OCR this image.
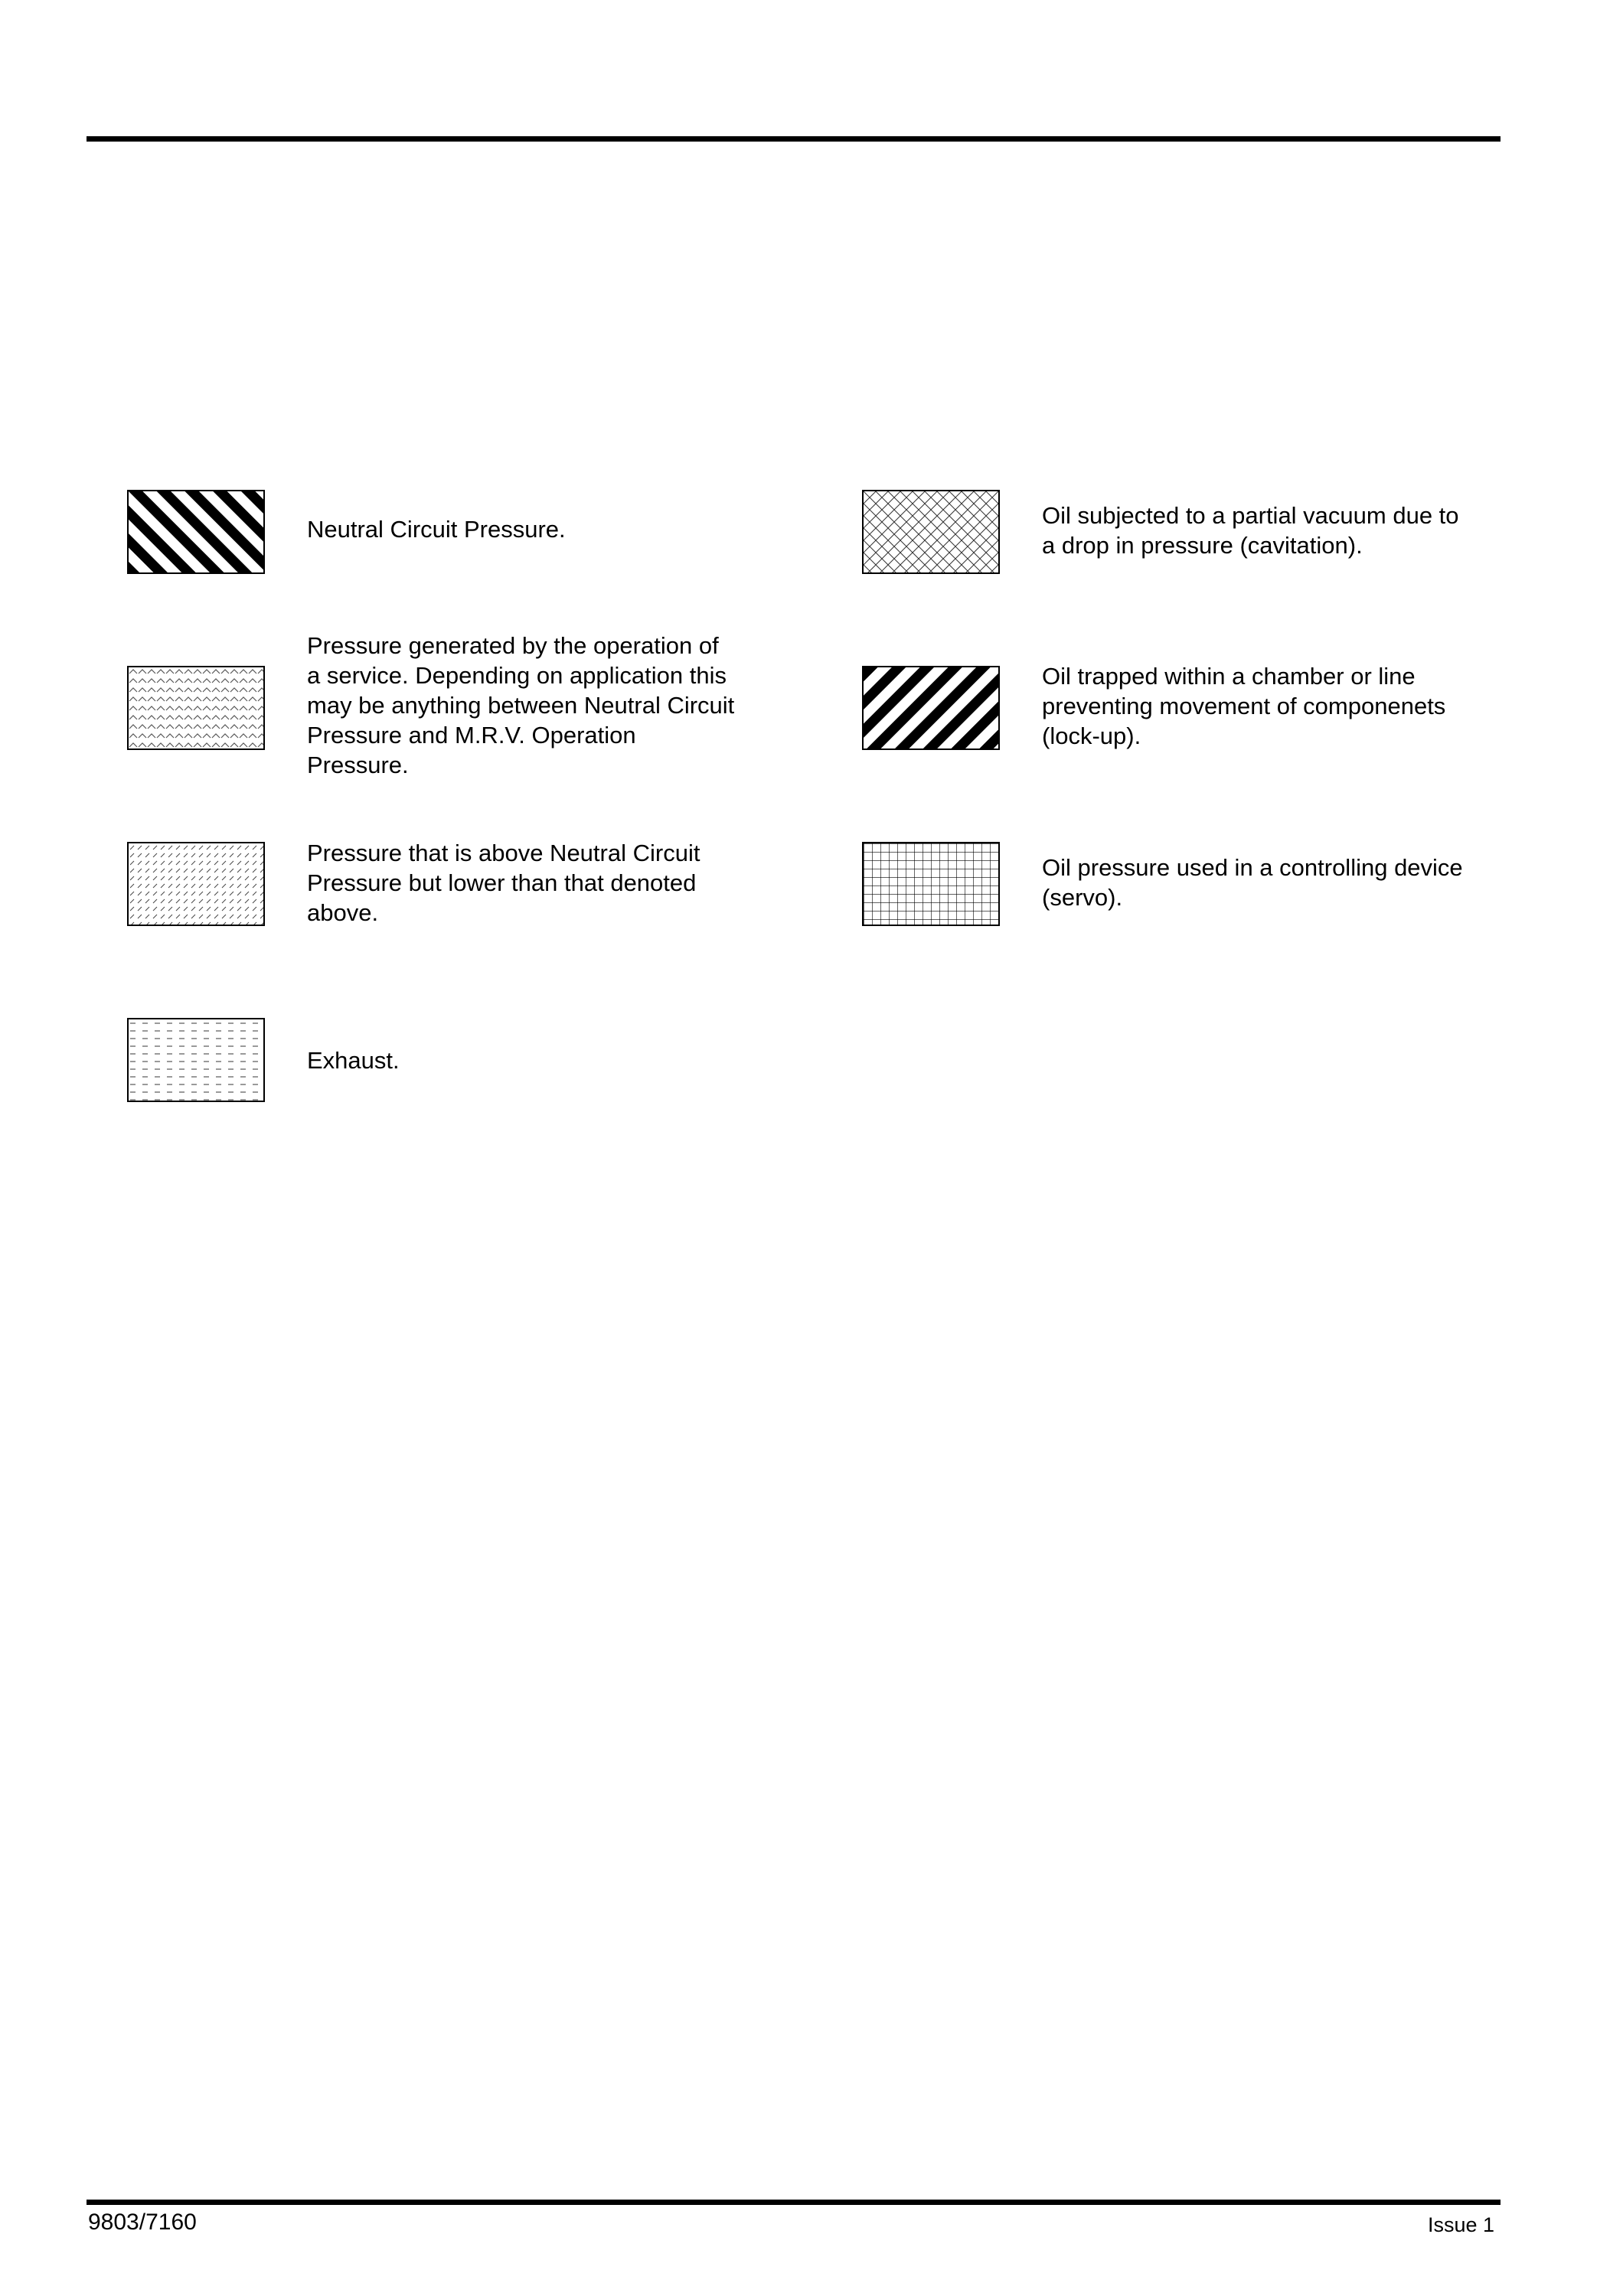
Neutral Circuit Pressure.
Pressure generated by the operation of a service. Depending on application this may be anything between Neutral Circuit Pressure and M.R.V. Operation Pressure.
Pressure that is above Neutral Circuit Pressure but lower than that denoted above.
Exhaust.
Oil subjected to a partial vacuum due to a drop in pressure (cavitation).
Oil trapped within a chamber or line preventing movement of componenets (lock-up).
Oil pressure used in a controlling device (servo).
9803/7160	Issue 1
